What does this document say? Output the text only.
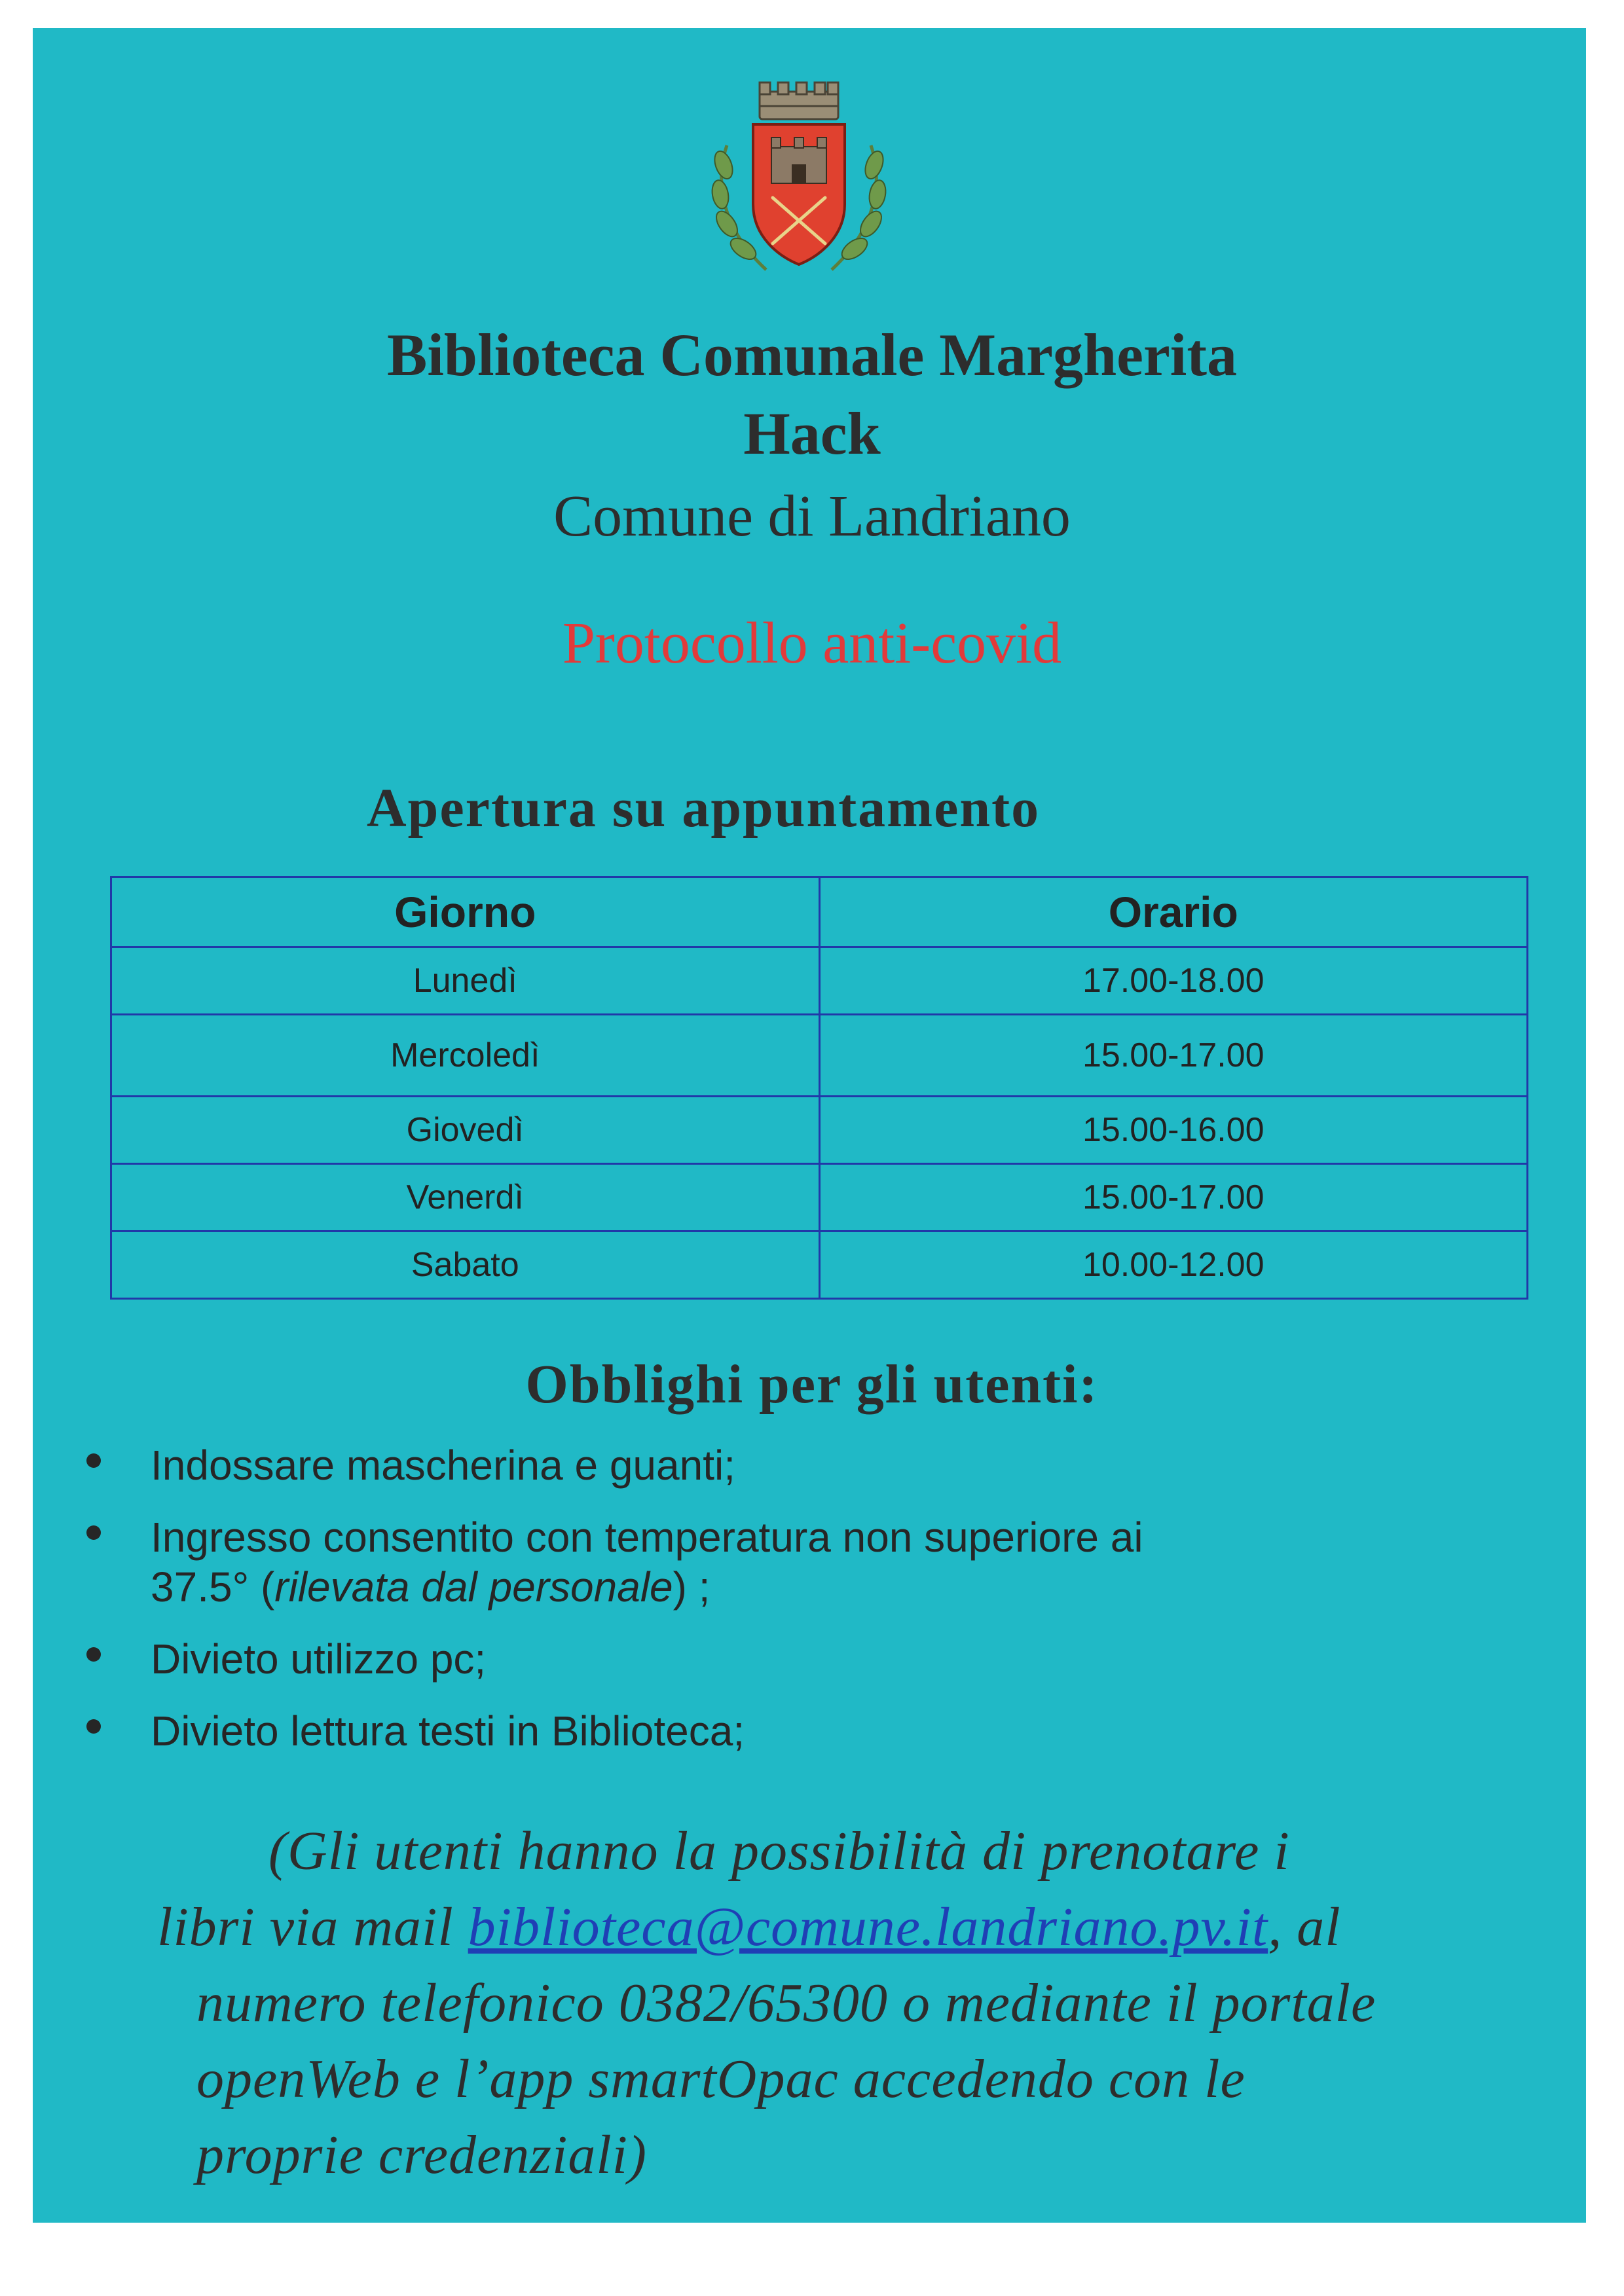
Biblioteca Comunale Margherita
Hack
Comune di Landriano
Protocollo anti-covid
Apertura su appuntamento
Giorno	Orario
Lunedì	17.00-18.00
Mercoledì	15.00-17.00
Giovedì	15.00-16.00
Venerdì	15.00-17.00
Sabato	10.00-12.00
Obblighi per gli utenti:
Indossare mascherina e guanti;
Ingresso consentito con temperatura non superiore ai
37.5° (rilevata dal personale) ;
Divieto utilizzo pc;
Divieto lettura testi in Biblioteca;
(Gli utenti hanno la possibilità di prenotare i
libri via mail biblioteca@comune.landriano.pv.it, al
numero telefonico 0382/65300 o mediante il portale
openWeb e l’app smartOpac accedendo con le
proprie credenziali)
